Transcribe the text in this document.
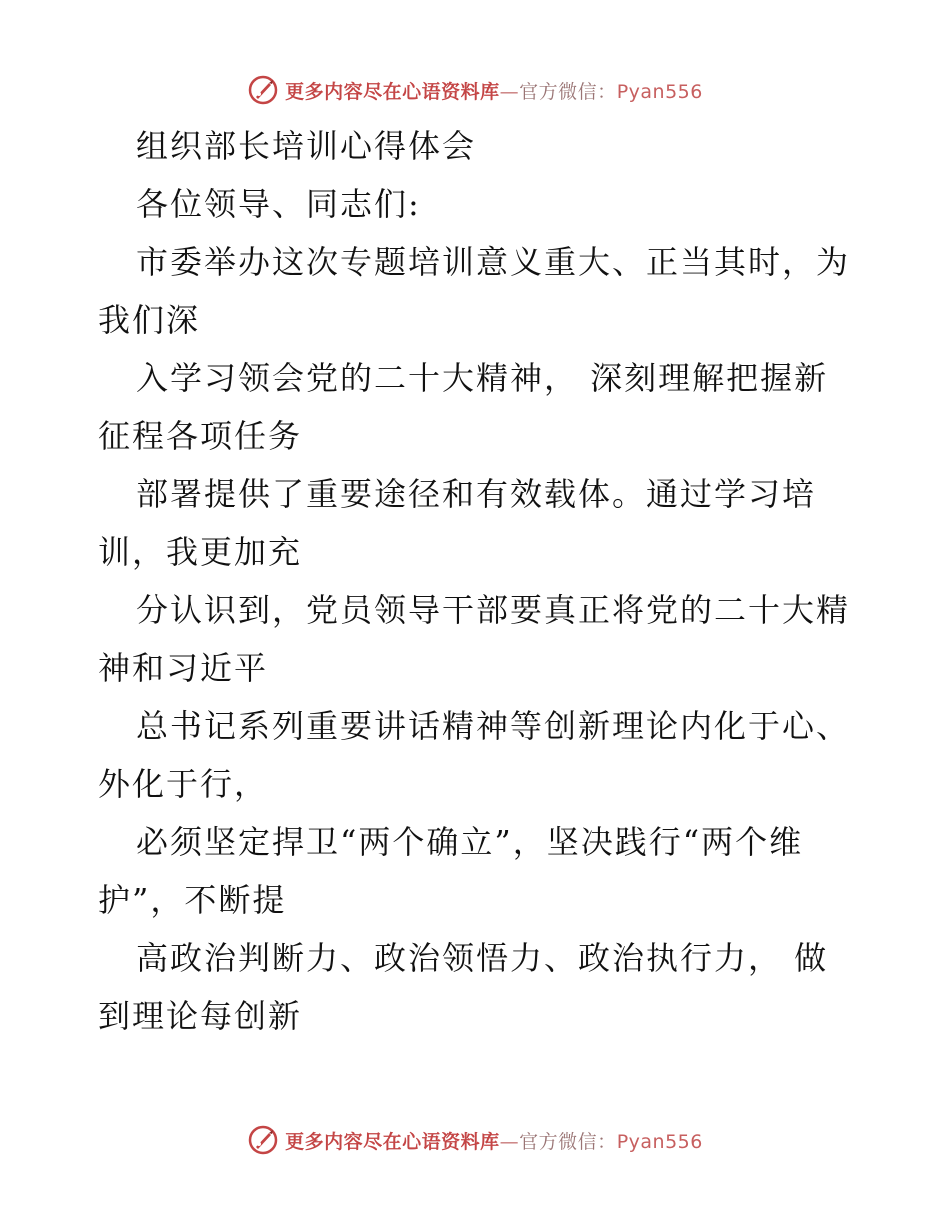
更多内容尽在心语资料库—官方微信：Pyan556
组织部长培训心得体会
各位领导、同志们:
市委举办这次专题培训意义重大、正当其时，为
我们深
入学习领会党的二十大精神， 深刻理解把握新
征程各项任务
部署提供了重要途径和有效载体。通过学习培
训，我更加充
分认识到，党员领导干部要真正将党的二十大精
神和习近平
总书记系列重要讲话精神等创新理论内化于心、
外化于行，
必须坚定捍卫“两个确立”，坚决践行“两个维
护”，不断提
高政治判断力、政治领悟力、政治执行力， 做
到理论每创新
更多内容尽在心语资料库—官方微信：Pyan556
